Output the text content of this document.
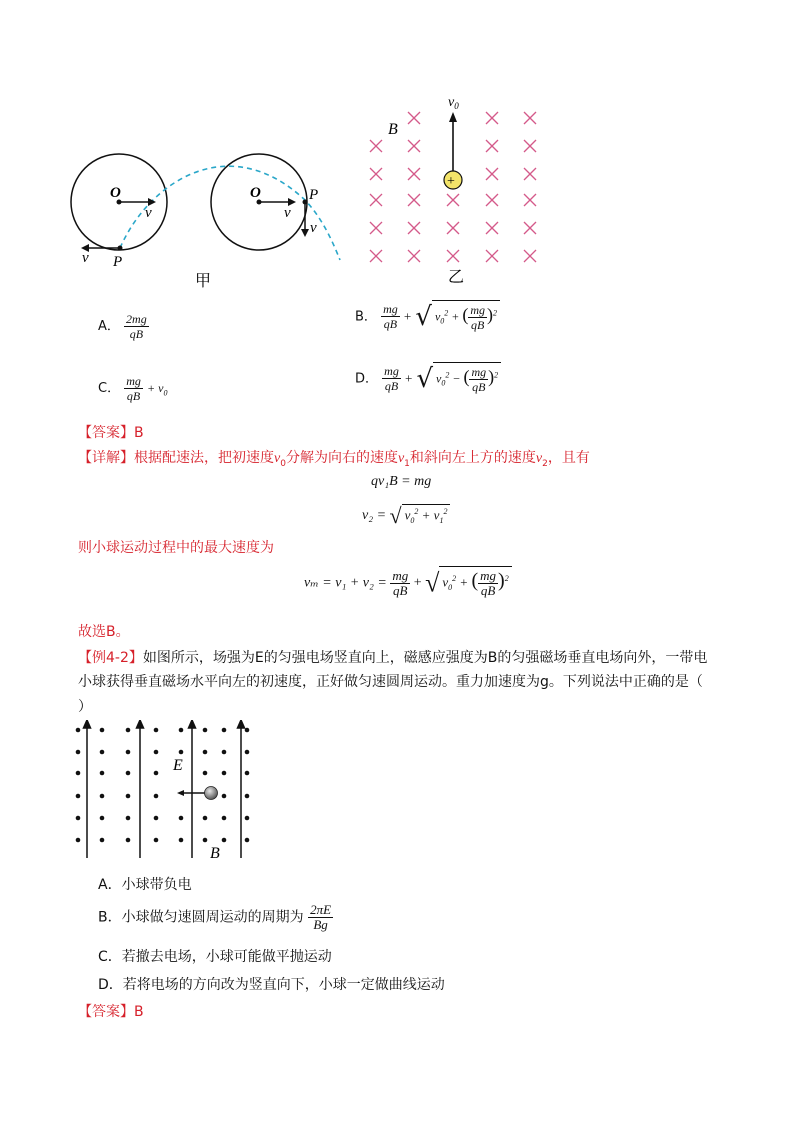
O
v
v P
O
v
P
v
甲
+
B
$v_0$
乙
A． $\frac{2mg}{qB}$	B． $\frac{mg}{qB}$ + √ $v_0^2$ + ( $\frac{mg}{qB} )^2$
C． $\frac{mg}{qB} + v_0$
D． $\frac{mg}{qB}$ + √ $v_0^2$ − ( $\frac{mg}{qB} )^2$
【答案】B
【详解】根据配速法，把初速度$v_0$分解为向右的速度$v_1$和斜向左上方的速度$v_2$，且有
qv₁B = mg
v₂ = √ $v_0^2 + v_1^2$
则小球运动过程中的最大速度为
$v_m = v_1 + v_2 = \frac{mg}{qB}$ + √ $v_0^2$ + ( $\frac{mg}{qB} )^2$
故选B。
【例4-2】如图所示，场强为E的匀强电场竖直向上，磁感应强度为B的匀强磁场垂直电场向外，一带电
小球获得垂直磁场水平向左的初速度，正好做匀速圆周运动。重力加速度为g。下列说法中正确的是（
）
E
B
A．小球带负电
B．小球做匀速圆周运动的周期为 $\frac{2\pi E}{Bg}$
C．若撤去电场，小球可能做平抛运动
D．若将电场的方向改为竖直向下，小球一定做曲线运动
【答案】B
